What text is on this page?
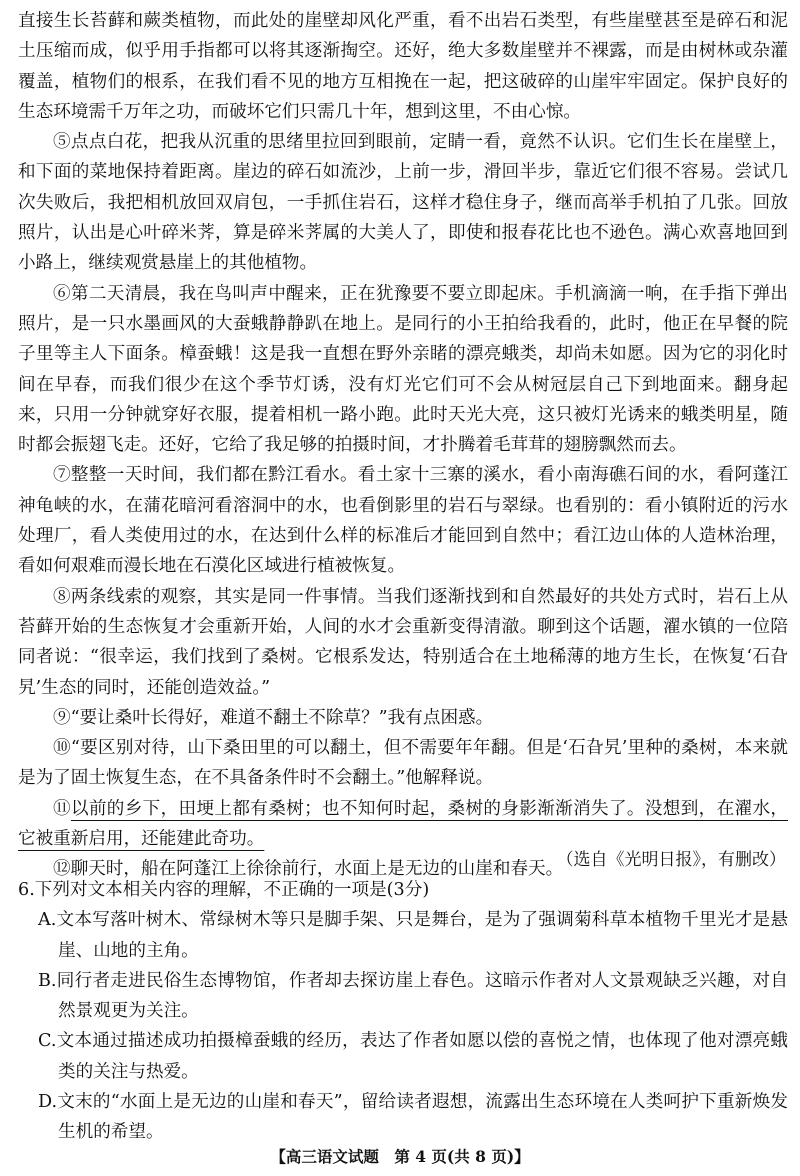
直接生长苔藓和蕨类植物，而此处的崖壁却风化严重，看不出岩石类型，有些崖壁甚至是碎石和泥土压缩而成，似乎用手指都可以将其逐渐掏空。还好，绝大多数崖壁并不裸露，而是由树林或杂灌覆盖，植物们的根系，在我们看不见的地方互相挽在一起，把这破碎的山崖牢牢固定。保护良好的生态环境需千万年之功，而破坏它们只需几十年，想到这里，不由心惊。

⑤点点白花，把我从沉重的思绪里拉回到眼前，定睛一看，竟然不认识。它们生长在崖壁上，和下面的菜地保持着距离。崖边的碎石如流沙，上前一步，滑回半步，靠近它们很不容易。尝试几次失败后，我把相机放回双肩包，一手抓住岩石，这样才稳住身子，继而高举手机拍了几张。回放照片，认出是心叶碎米荠，算是碎米荠属的大美人了，即使和报春花比也不逊色。满心欢喜地回到小路上，继续观赏悬崖上的其他植物。

⑥第二天清晨，我在鸟叫声中醒来，正在犹豫要不要立即起床。手机滴滴一响，在手指下弹出照片，是一只水墨画风的大蚕蛾静静趴在地上。是同行的小王拍给我看的，此时，他正在早餐的院子里等主人下面条。樟蚕蛾！这是我一直想在野外亲睹的漂亮蛾类，却尚未如愿。因为它的羽化时间在早春，而我们很少在这个季节灯诱，没有灯光它们可不会从树冠层自己下到地面来。翻身起来，只用一分钟就穿好衣服，提着相机一路小跑。此时天光大亮，这只被灯光诱来的蛾类明星，随时都会振翅飞走。还好，它给了我足够的拍摄时间，才扑腾着毛茸茸的翅膀飘然而去。

⑦整整一天时间，我们都在黔江看水。看土家十三寨的溪水，看小南海礁石间的水，看阿蓬江神龟峡的水，在蒲花暗河看溶洞中的水，也看倒影里的岩石与翠绿。也看别的：看小镇附近的污水处理厂，看人类使用过的水，在达到什么样的标准后才能回到自然中；看江边山体的人造林治理，看如何艰难而漫长地在石漠化区域进行植被恢复。

⑧两条线索的观察，其实是同一件事情。当我们逐渐找到和自然最好的共处方式时，岩石上从苔藓开始的生态恢复才会重新开始，人间的水才会重新变得清澈。聊到这个话题，濯水镇的一位陪同者说：“很幸运，我们找到了桑树。它根系发达，特别适合在土地稀薄的地方生长，在恢复‘石旮旯’生态的同时，还能创造效益。”

⑨“要让桑叶长得好，难道不翻土不除草？”我有点困惑。

⑩“要区别对待，山下桑田里的可以翻土，但不需要年年翻。但是‘石旮旯’里种的桑树，本来就是为了固土恢复生态，在不具备条件时不会翻土。”他解释说。

⑪以前的乡下，田埂上都有桑树；也不知何时起，桑树的身影渐渐消失了。没想到，在濯水，它被重新启用，还能建此奇功。

⑫聊天时，船在阿蓬江上徐徐前行，水面上是无边的山崖和春天。

（选自《光明日报》，有删改）

6.下列对文本相关内容的理解，不正确的一项是(3分)

A.文本写落叶树木、常绿树木等只是脚手架、只是舞台，是为了强调菊科草本植物千里光才是悬崖、山地的主角。

B.同行者走进民俗生态博物馆，作者却去探访崖上春色。这暗示作者对人文景观缺乏兴趣，对自然景观更为关注。

C.文本通过描述成功拍摄樟蚕蛾的经历，表达了作者如愿以偿的喜悦之情，也体现了他对漂亮蛾类的关注与热爱。

D.文末的“水面上是无边的山崖和春天”，留给读者遐想，流露出生态环境在人类呵护下重新焕发生机的希望。

【高三语文试题　第 4 页(共 8 页)】
